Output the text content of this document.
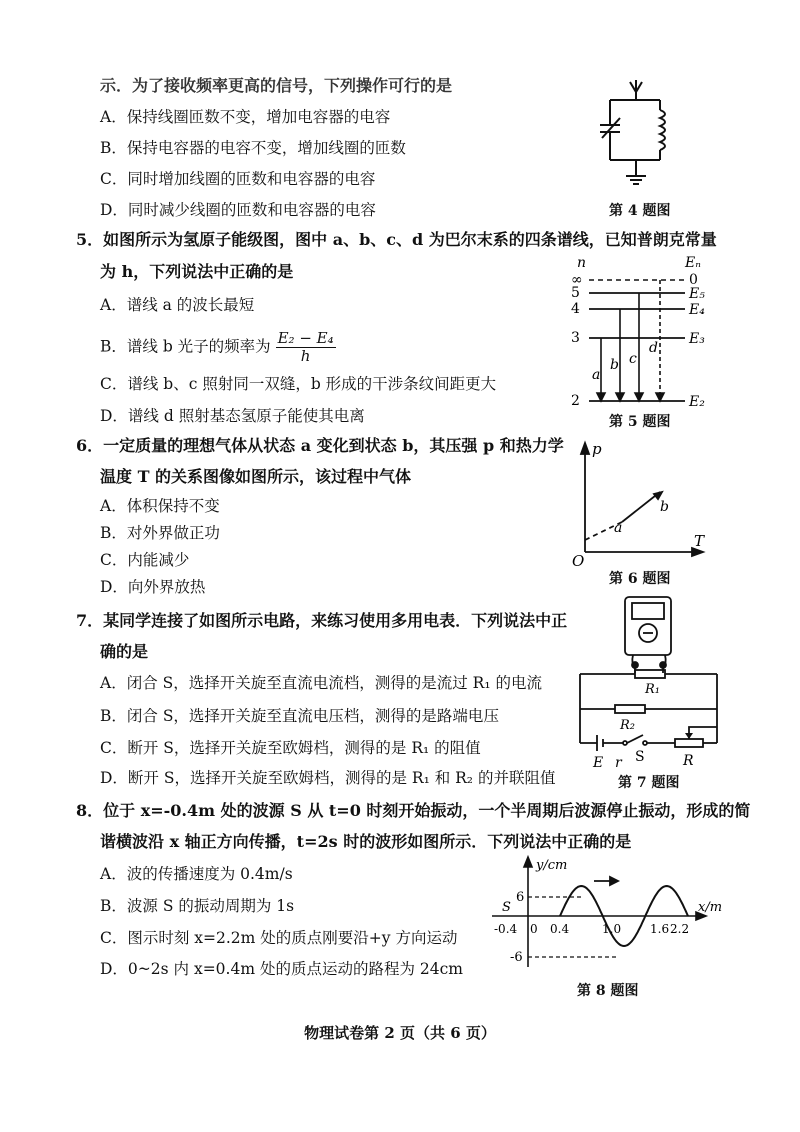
示．为了接收频率更高的信号，下列操作可行的是
A．保持线圈匝数不变，增加电容器的电容
B．保持电容器的电容不变，增加线圈的匝数
C．同时增加线圈的匝数和电容器的电容
D．同时减少线圈的匝数和电容器的电容	第 4 题图
5．如图所示为氢原子能级图，图中 a、b、c、d 为巴尔末系的四条谱线，已知普朗克常量
为 h，下列说法中正确的是
A．谱线 a 的波长最短
B．谱线 b 光子的频率为 $\frac{\text{E₂ − E₄}}{h}$
C．谱线 b、c 照射同一双缝，b 形成的干涉条纹间距更大
D．谱线 d 照射基态氢原子能使其电离
n	Eₙ
∞	0
5	E₅
4	E₄
3	E₃
2	E₂
a
b c
d
第 5 题图
6．一定质量的理想气体从状态 a 变化到状态 b，其压强 p 和热力学
温度 T 的关系图像如图所示，该过程中气体
A．体积保持不变
B．对外界做正功
C．内能减少
D．向外界放热
p
T
O
a
b
第 6 题图
7．某同学连接了如图所示电路，来练习使用多用电表．下列说法中正
确的是
A．闭合 S，选择开关旋至直流电流档，测得的是流过 R₁ 的电流
B．闭合 S，选择开关旋至直流电压档，测得的是路端电压
C．断开 S，选择开关旋至欧姆档，测得的是 R₁ 的阻值
D．断开 S，选择开关旋至欧姆档，测得的是 R₁ 和 R₂ 的并联阻值
R₁
R₂
E r S	R
第 7 题图
8．位于 x=-0.4m 处的波源 S 从 t=0 时刻开始振动，一个半周期后波源停止振动，形成的简
谐横波沿 x 轴正方向传播，t=2s 时的波形如图所示．下列说法中正确的是
A．波的传播速度为 0.4m/s
B．波源 S 的振动周期为 1s
C．图示时刻 x=2.2m 处的质点刚要沿+y 方向运动
D．0~2s 内 x=0.4m 处的质点运动的路程为 24cm
y/cm
x/m
S
6
-6
-0.4 0 0.4	1.0 1.6 2.2
第 8 题图
物理试卷第 2 页（共 6 页）
